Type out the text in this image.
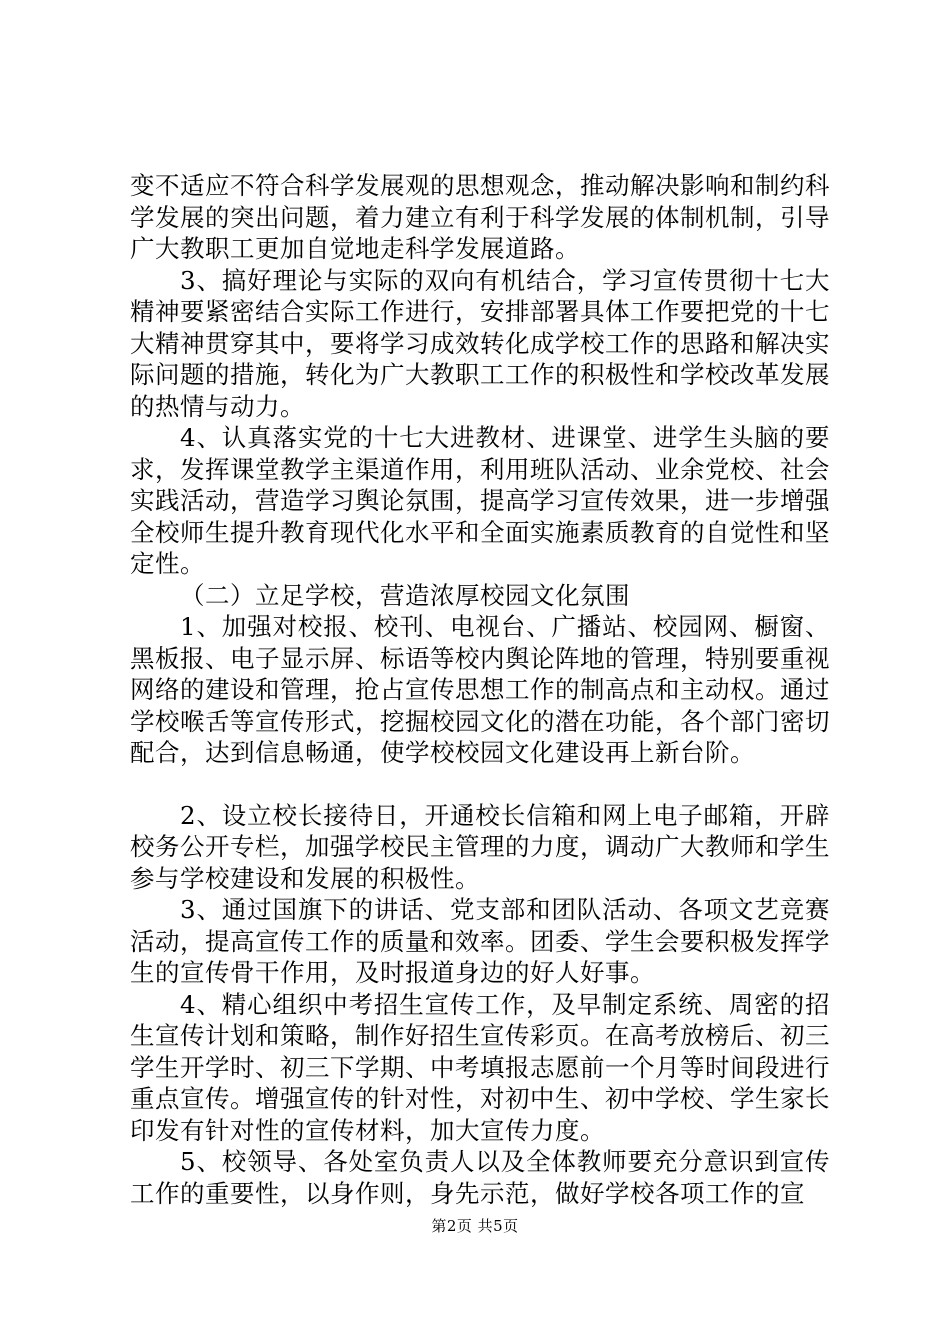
变不适应不符合科学发展观的思想观念，推动解决影响和制约科学发展的突出问题，着力建立有利于科学发展的体制机制，引导广大教职工更加自觉地走科学发展道路。

3、搞好理论与实际的双向有机结合，学习宣传贯彻十七大精神要紧密结合实际工作进行，安排部署具体工作要把党的十七大精神贯穿其中，要将学习成效转化成学校工作的思路和解决实际问题的措施，转化为广大教职工工作的积极性和学校改革发展的热情与动力。

4、认真落实党的十七大进教材、进课堂、进学生头脑的要求，发挥课堂教学主渠道作用，利用班队活动、业余党校、社会实践活动，营造学习舆论氛围，提高学习宣传效果，进一步增强全校师生提升教育现代化水平和全面实施素质教育的自觉性和坚定性。

（二）立足学校，营造浓厚校园文化氛围

1、加强对校报、校刊、电视台、广播站、校园网、橱窗、黑板报、电子显示屏、标语等校内舆论阵地的管理，特别要重视网络的建设和管理，抢占宣传思想工作的制高点和主动权。通过学校喉舌等宣传形式，挖掘校园文化的潜在功能，各个部门密切配合，达到信息畅通，使学校校园文化建设再上新台阶。

2、设立校长接待日，开通校长信箱和网上电子邮箱，开辟校务公开专栏，加强学校民主管理的力度，调动广大教师和学生参与学校建设和发展的积极性。

3、通过国旗下的讲话、党支部和团队活动、各项文艺竞赛活动，提高宣传工作的质量和效率。团委、学生会要积极发挥学生的宣传骨干作用，及时报道身边的好人好事。

4、精心组织中考招生宣传工作，及早制定系统、周密的招生宣传计划和策略，制作好招生宣传彩页。在高考放榜后、初三学生开学时、初三下学期、中考填报志愿前一个月等时间段进行重点宣传。增强宣传的针对性，对初中生、初中学校、学生家长印发有针对性的宣传材料，加大宣传力度。

5、校领导、各处室负责人以及全体教师要充分意识到宣传工作的重要性，以身作则，身先示范，做好学校各项工作的宣

第2页 共5页
